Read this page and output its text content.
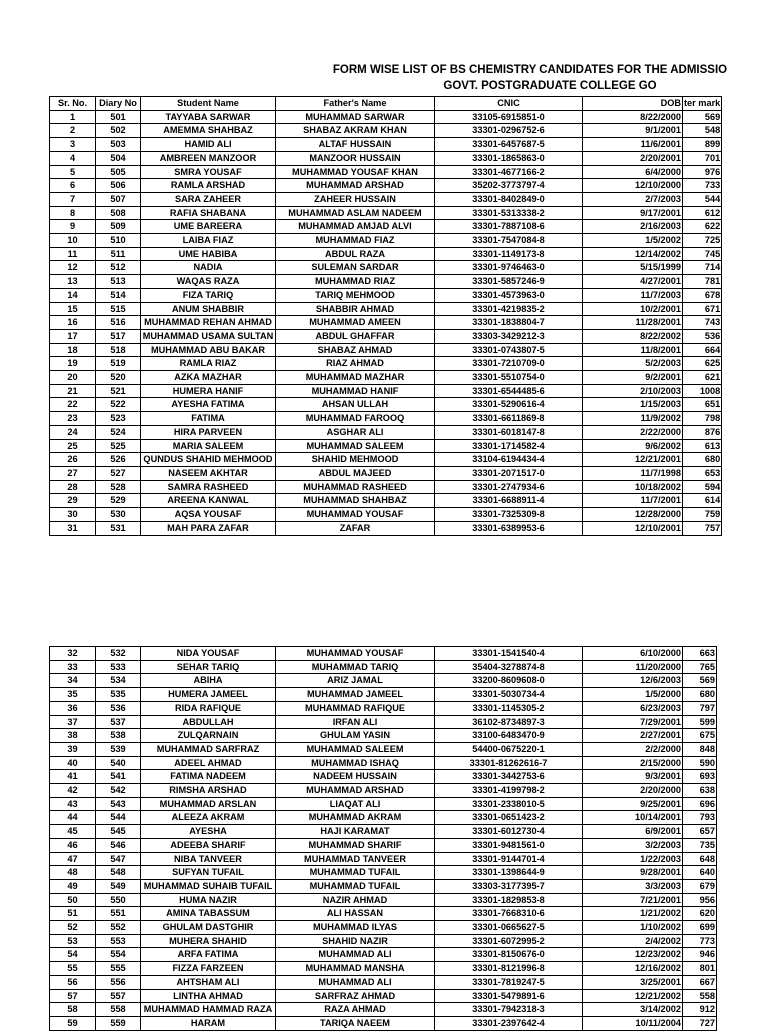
FORM WISE LIST OF BS CHEMISTRY CANDIDATES FOR THE ADMISSIO
GOVT. POSTGRADUATE COLLEGE GO
Sr. No.	Diary No	Student Name	Father's Name	CNIC	DOB	ter mark
1	501	TAYYABA SARWAR	MUHAMMAD SARWAR	33105-6915851-0	8/22/2000	569
2	502	AMEMMA SHAHBAZ	SHABAZ AKRAM KHAN	33301-0296752-6	9/1/2001	548
3	503	HAMID ALI	ALTAF HUSSAIN	33301-6457687-5	11/6/2001	899
4	504	AMBREEN MANZOOR	MANZOOR HUSSAIN	33301-1865863-0	2/20/2001	701
5	505	SMRA YOUSAF	MUHAMMAD YOUSAF KHAN	33301-4677166-2	6/4/2000	976
6	506	RAMLA ARSHAD	MUHAMMAD ARSHAD	35202-3773797-4	12/10/2000	733
7	507	SARA ZAHEER	ZAHEER HUSSAIN	33301-8402849-0	2/7/2003	544
8	508	RAFIA SHABANA	MUHAMMAD ASLAM NADEEM	33301-5313338-2	9/17/2001	612
9	509	UME BAREERA	MUHAMMAD AMJAD ALVI	33301-7887108-6	2/16/2003	622
10	510	LAIBA FIAZ	MUHAMMAD FIAZ	33301-7547084-8	1/5/2002	725
11	511	UME HABIBA	ABDUL RAZA	33301-1149173-8	12/14/2002	745
12	512	NADIA	SULEMAN SARDAR	33301-9746463-0	5/15/1999	714
13	513	WAQAS RAZA	MUHAMMAD RIAZ	33301-5857246-9	4/27/2001	781
14	514	FIZA TARIQ	TARIQ MEHMOOD	33301-4573963-0	11/7/2003	678
15	515	ANUM SHABBIR	SHABBIR AHMAD	33301-4219835-2	10/2/2001	671
16	516	MUHAMMAD REHAN AHMAD	MUHAMMAD AMEEN	33301-1838804-7	11/28/2001	743
17	517	MUHAMMAD USAMA SULTAN	ABDUL GHAFFAR	33303-3429212-3	8/22/2002	536
18	518	MUHAMMAD ABU BAKAR	SHABAZ AHMAD	33301-0743807-5	11/8/2001	664
19	519	RAMLA RIAZ	RIAZ AHMAD	33301-7210709-0	5/2/2003	625
20	520	AZKA MAZHAR	MUHAMMAD MAZHAR	33301-5510754-0	9/2/2001	621
21	521	HUMERA HANIF	MUHAMMAD HANIF	33301-6544485-6	2/10/2003	1008
22	522	AYESHA FATIMA	AHSAN ULLAH	33301-5290616-4	1/15/2003	651
23	523	FATIMA	MUHAMMAD FAROOQ	33301-6611869-8	11/9/2002	798
24	524	HIRA PARVEEN	ASGHAR ALI	33301-6018147-8	2/22/2000	876
25	525	MARIA SALEEM	MUHAMMAD SALEEM	33301-1714582-4	9/6/2002	613
26	526	QUNDUS SHAHID MEHMOOD	SHAHID MEHMOOD	33104-6194434-4	12/21/2001	680
27	527	NASEEM AKHTAR	ABDUL MAJEED	33301-2071517-0	11/7/1998	653
28	528	SAMRA RASHEED	MUHAMMAD RASHEED	33301-2747934-6	10/18/2002	594
29	529	AREENA KANWAL	MUHAMMAD SHAHBAZ	33301-6688911-4	11/7/2001	614
30	530	AQSA YOUSAF	MUHAMMAD YOUSAF	33301-7325309-8	12/28/2000	759
31	531	MAH PARA ZAFAR	ZAFAR	33301-6389953-6	12/10/2001	757
32	532	NIDA YOUSAF	MUHAMMAD YOUSAF	33301-1541540-4	6/10/2000	663
33	533	SEHAR TARIQ	MUHAMMAD TARIQ	35404-3278874-8	11/20/2000	765
34	534	ABIHA	ARIZ JAMAL	33200-8609608-0	12/6/2003	569
35	535	HUMERA JAMEEL	MUHAMMAD JAMEEL	33301-5030734-4	1/5/2000	680
36	536	RIDA RAFIQUE	MUHAMMAD RAFIQUE	33301-1145305-2	6/23/2003	797
37	537	ABDULLAH	IRFAN ALI	36102-8734897-3	7/29/2001	599
38	538	ZULQARNAIN	GHULAM YASIN	33100-6483470-9	2/27/2001	675
39	539	MUHAMMAD SARFRAZ	MUHAMMAD SALEEM	54400-0675220-1	2/2/2000	848
40	540	ADEEL AHMAD	MUHAMMAD ISHAQ	33301-81262616-7	2/15/2000	590
41	541	FATIMA NADEEM	NADEEM HUSSAIN	33301-3442753-6	9/3/2001	693
42	542	RIMSHA ARSHAD	MUHAMMAD ARSHAD	33301-4199798-2	2/20/2000	638
43	543	MUHAMMAD ARSLAN	LIAQAT ALI	33301-2338010-5	9/25/2001	696
44	544	ALEEZA AKRAM	MUHAMMAD AKRAM	33301-0651423-2	10/14/2001	793
45	545	AYESHA	HAJI KARAMAT	33301-6012730-4	6/9/2001	657
46	546	ADEEBA SHARIF	MUHAMMAD SHARIF	33301-9481561-0	3/2/2003	735
47	547	NIBA TANVEER	MUHAMMAD TANVEER	33301-9144701-4	1/22/2003	648
48	548	SUFYAN TUFAIL	MUHAMMAD TUFAIL	33301-1398644-9	9/28/2001	640
49	549	MUHAMMAD SUHAIB TUFAIL	MUHAMMAD TUFAIL	33303-3177395-7	3/3/2003	679
50	550	HUMA NAZIR	NAZIR AHMAD	33301-1829853-8	7/21/2001	956
51	551	AMINA TABASSUM	ALI HASSAN	33301-7668310-6	1/21/2002	620
52	552	GHULAM DASTGHIR	MUHAMMAD ILYAS	33301-0665627-5	1/10/2002	699
53	553	MUHERA SHAHID	SHAHID NAZIR	33301-6072995-2	2/4/2002	773
54	554	ARFA FATIMA	MUHAMMAD ALI	33301-8150676-0	12/23/2002	946
55	555	FIZZA FARZEEN	MUHAMMAD MANSHA	33301-8121996-8	12/16/2002	801
56	556	AHTSHAM ALI	MUHAMMAD ALI	33301-7819247-5	3/25/2001	667
57	557	LINTHA AHMAD	SARFRAZ AHMAD	33301-5479891-6	12/21/2002	558
58	558	MUHAMMAD HAMMAD RAZA	RAZA AHMAD	33301-7942318-3	3/14/2002	912
59	559	HARAM	TARIQA NAEEM	33301-2397642-4	10/11/2004	727
